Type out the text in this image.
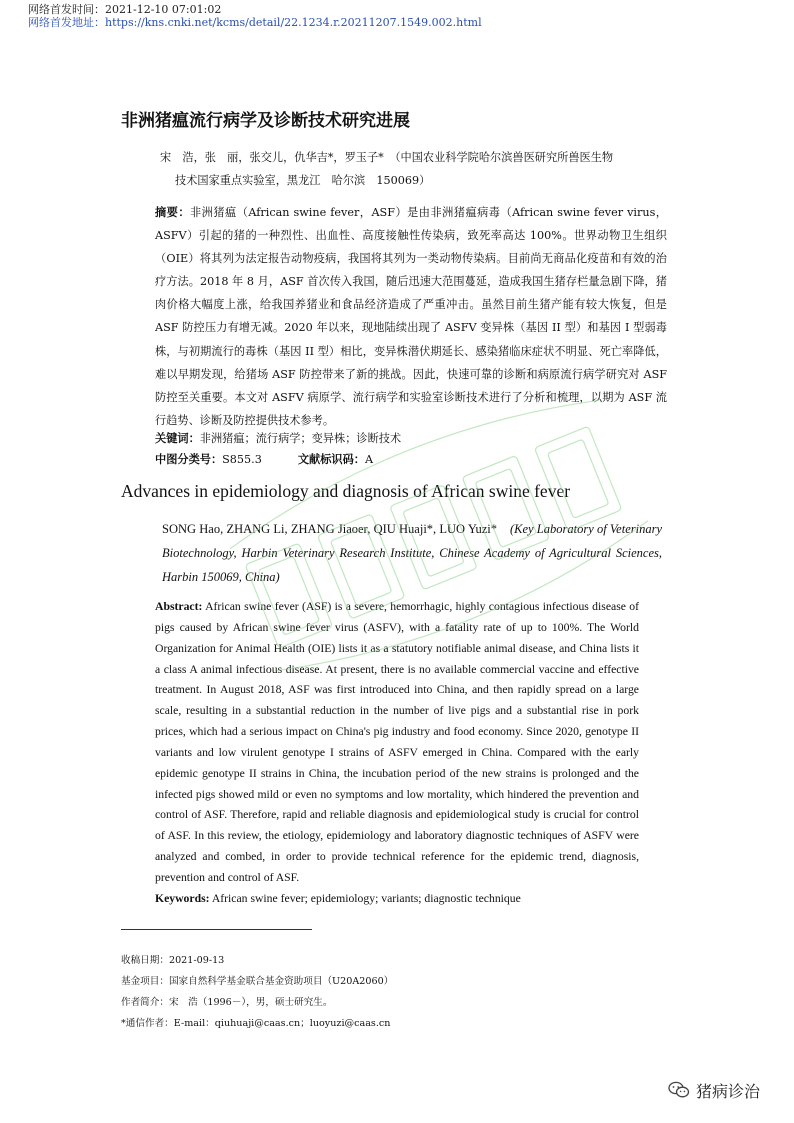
网络首发时间：2021-12-10 07:01:02
网络首发地址：https://kns.cnki.net/kcms/detail/22.1234.r.20211207.1549.002.html
非洲猪瘟流行病学及诊断技术研究进展
宋　浩，张　丽，张交儿，仇华吉*，罗玉子*　（中国农业科学院哈尔滨兽医研究所兽医生物
技术国家重点实验室，黑龙江　哈尔滨　150069）
摘要：非洲猪瘟（African swine fever，ASF）是由非洲猪瘟病毒（African swine fever virus，ASFV）引起的猪的一种烈性、出血性、高度接触性传染病，致死率高达 100%。世界动物卫生组织（OIE）将其列为法定报告动物疫病，我国将其列为一类动物传染病。目前尚无商品化疫苗和有效的治疗方法。2018 年 8 月，ASF 首次传入我国，随后迅速大范围蔓延，造成我国生猪存栏量急剧下降，猪肉价格大幅度上涨，给我国养猪业和食品经济造成了严重冲击。虽然目前生猪产能有较大恢复，但是 ASF 防控压力有增无减。2020 年以来，现地陆续出现了 ASFV 变异株（基因 II 型）和基因 I 型弱毒株，与初期流行的毒株（基因 II 型）相比，变异株潜伏期延长、感染猪临床症状不明显、死亡率降低，难以早期发现，给猪场 ASF 防控带来了新的挑战。因此，快速可靠的诊断和病原流行病学研究对 ASF 防控至关重要。本文对 ASFV 病原学、流行病学和实验室诊断技术进行了分析和梳理，以期为 ASF 流行趋势、诊断及防控提供技术参考。
关键词：非洲猪瘟；流行病学；变异株；诊断技术
中图分类号：S855.3	文献标识码：A
Advances in epidemiology and diagnosis of African swine fever
SONG Hao, ZHANG Li, ZHANG Jiaoer, QIU Huaji*, LUO Yuzi* (Key Laboratory of Veterinary Biotechnology, Harbin Veterinary Research Institute, Chinese Academy of Agricultural Sciences, Harbin 150069, China)
Abstract: African swine fever (ASF) is a severe, hemorrhagic, highly contagious infectious disease of pigs caused by African swine fever virus (ASFV), with a fatality rate of up to 100%. The World Organization for Animal Health (OIE) lists it as a statutory notifiable animal disease, and China lists it a class A animal infectious disease. At present, there is no available commercial vaccine and effective treatment. In August 2018, ASF was first introduced into China, and then rapidly spread on a large scale, resulting in a substantial reduction in the number of live pigs and a substantial rise in pork prices, which had a serious impact on China's pig industry and food economy. Since 2020, genotype II variants and low virulent genotype I strains of ASFV emerged in China. Compared with the early epidemic genotype II strains in China, the incubation period of the new strains is prolonged and the infected pigs showed mild or even no symptoms and low mortality, which hindered the prevention and control of ASF. Therefore, rapid and reliable diagnosis and epidemiological study is crucial for control of ASF. In this review, the etiology, epidemiology and laboratory diagnostic techniques of ASFV were analyzed and combed, in order to provide technical reference for the epidemic trend, diagnosis, prevention and control of ASF.
Keywords: African swine fever; epidemiology; variants; diagnostic technique
收稿日期：2021-09-13
基金项目：国家自然科学基金联合基金资助项目（U20A2060）
作者简介：宋　浩（1996－），男，硕士研究生。
*通信作者：E-mail：qiuhuaji@caas.cn；luoyuzi@caas.cn
猪病诊治
